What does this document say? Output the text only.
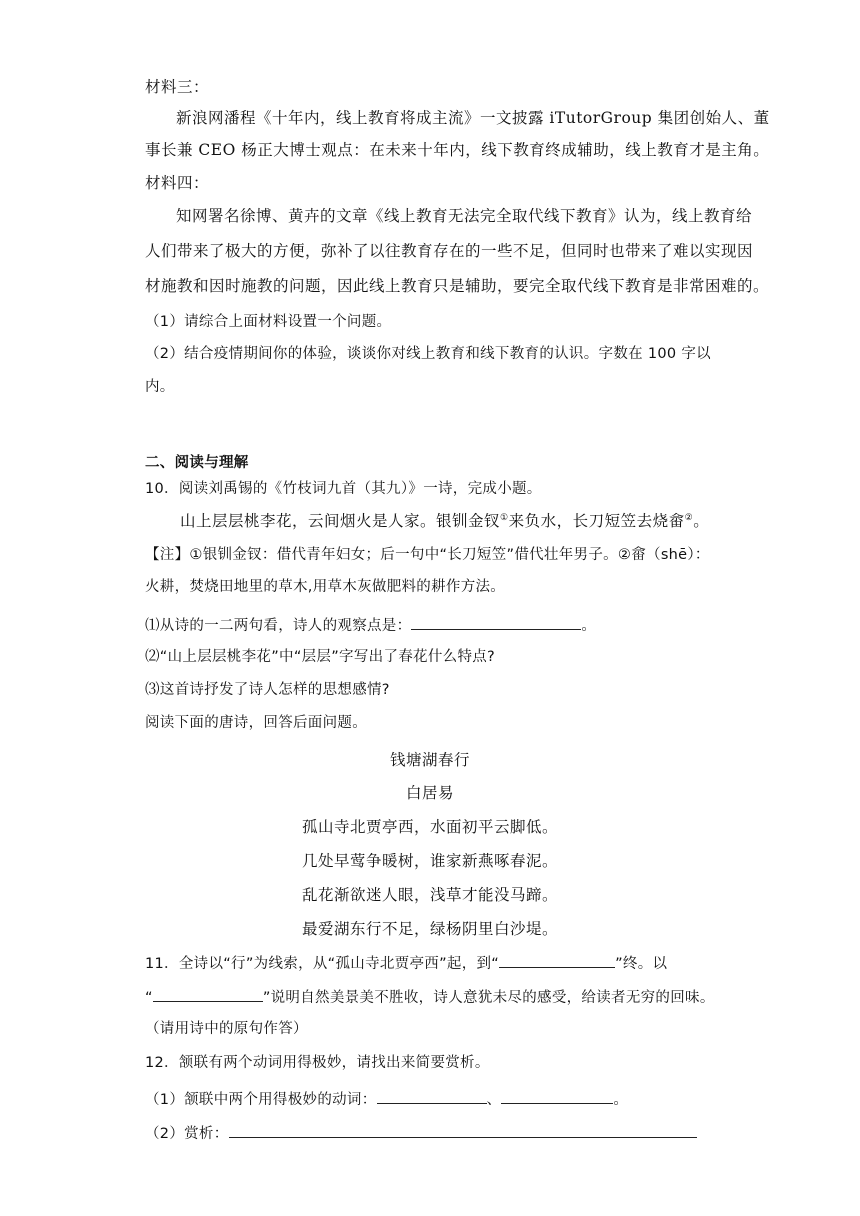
材料三：
新浪网潘程《十年内，线上教育将成主流》一文披露 iTutorGroup 集团创始人、董
事长兼 CEO 杨正大博士观点：在未来十年内，线下教育终成辅助，线上教育才是主角。
材料四：
知网署名徐博、黄卉的文章《线上教育无法完全取代线下教育》认为，线上教育给
人们带来了极大的方便，弥补了以往教育存在的一些不足，但同时也带来了难以实现因
材施教和因时施教的问题，因此线上教育只是辅助，要完全取代线下教育是非常困难的。
（1）请综合上面材料设置一个问题。
（2）结合疫情期间你的体验，谈谈你对线上教育和线下教育的认识。字数在 100 字以
内。
二、阅读与理解
10．阅读刘禹锡的《竹枝词九首（其九）》一诗，完成小题。
山上层层桃李花，云间烟火是人家。银钏金钗①来负水，长刀短笠去烧畲②。
【注】①银钏金钗：借代青年妇女；后一句中“长刀短笠”借代壮年男子。②畲（shē）：
火耕，焚烧田地里的草木,用草木灰做肥料的耕作方法。
⑴从诗的一二两句看，诗人的观察点是：	。
⑵“山上层层桃李花”中“层层”字写出了春花什么特点?
⑶这首诗抒发了诗人怎样的思想感情?
阅读下面的唐诗，回答后面问题。
钱塘湖春行
白居易
孤山寺北贾亭西，水面初平云脚低。
几处早莺争暖树，谁家新燕啄春泥。
乱花渐欲迷人眼，浅草才能没马蹄。
最爱湖东行不足，绿杨阴里白沙堤。
11．全诗以“行”为线索，从“孤山寺北贾亭西”起，到“	”终。以
“	”说明自然美景美不胜收，诗人意犹未尽的感受，给读者无穷的回味。
（请用诗中的原句作答）
12．颔联有两个动词用得极妙，请找出来简要赏析。
（1）颔联中两个用得极妙的动词：	、	。
（2）赏析：
